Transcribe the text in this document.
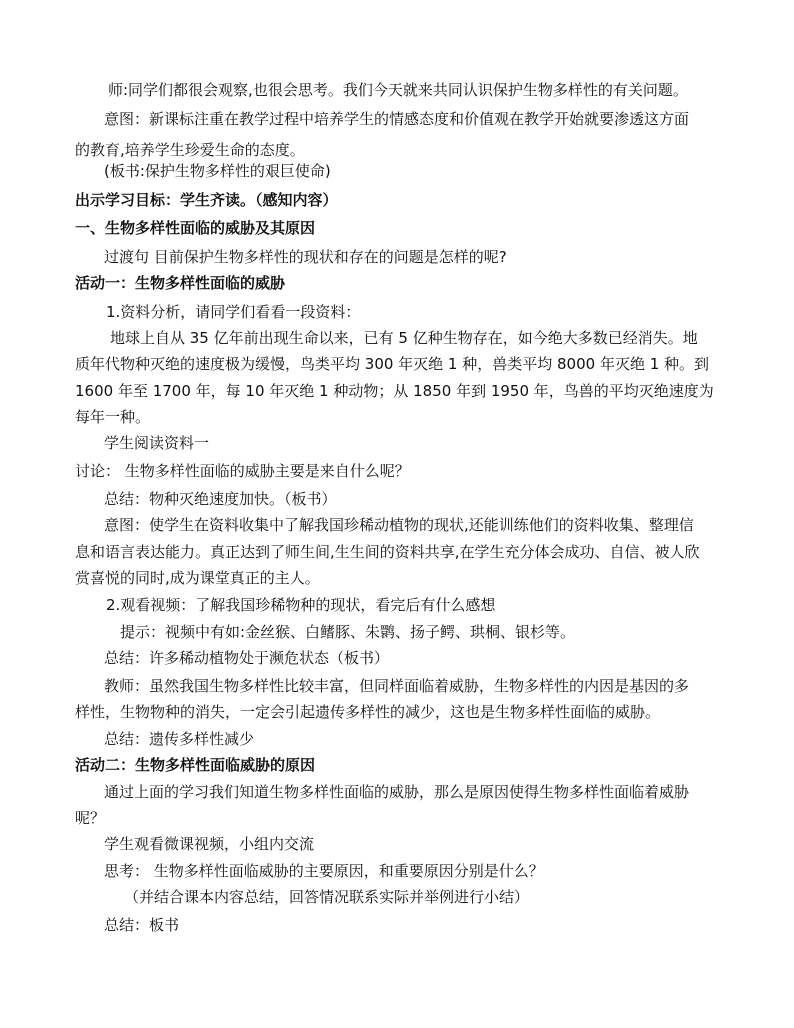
师:同学们都很会观察,也很会思考。我们今天就来共同认识保护生物多样性的有关问题。
意图：新课标注重在教学过程中培养学生的情感态度和价值观在教学开始就要渗透这方面
的教育,培养学生珍爱生命的态度。
(板书:保护生物多样性的艰巨使命)
出示学习目标：学生齐读。（感知内容）
一、生物多样性面临的威胁及其原因
过渡句 目前保护生物多样性的现状和存在的问题是怎样的呢?
活动一：生物多样性面临的威胁
1.资料分析，请同学们看看一段资料：
地球上自从 35 亿年前出现生命以来，已有 5 亿种生物存在，如今绝大多数已经消失。地
质年代物种灭绝的速度极为缓慢，鸟类平均 300 年灭绝 1 种，兽类平均 8000 年灭绝 1 种。到
1600 年至 1700 年，每 10 年灭绝 1 种动物；从 1850 年到 1950 年，鸟兽的平均灭绝速度为
每年一种。
学生阅读资料一
讨论： 生物多样性面临的威胁主要是来自什么呢？
总结：物种灭绝速度加快。（板书）
意图：使学生在资料收集中了解我国珍稀动植物的现状,还能训练他们的资料收集、整理信
息和语言表达能力。真正达到了师生间,生生间的资料共享,在学生充分体会成功、自信、被人欣
赏喜悦的同时,成为课堂真正的主人。
2.观看视频：了解我国珍稀物种的现状，看完后有什么感想
提示：视频中有如:金丝猴、白鳍豚、朱鹮、扬子鳄、珙桐、银杉等。
总结：许多稀动植物处于濒危状态（板书）
教师：虽然我国生物多样性比较丰富，但同样面临着威胁，生物多样性的内因是基因的多
样性，生物物种的消失，一定会引起遗传多样性的减少，这也是生物多样性面临的威胁。
总结：遗传多样性减少
活动二：生物多样性面临威胁的原因
通过上面的学习我们知道生物多样性面临的威胁，那么是原因使得生物多样性面临着威胁
呢？
学生观看微课视频，小组内交流
思考： 生物多样性面临威胁的主要原因，和重要原因分别是什么？
（并结合课本内容总结，回答情况联系实际并举例进行小结）
总结：板书
